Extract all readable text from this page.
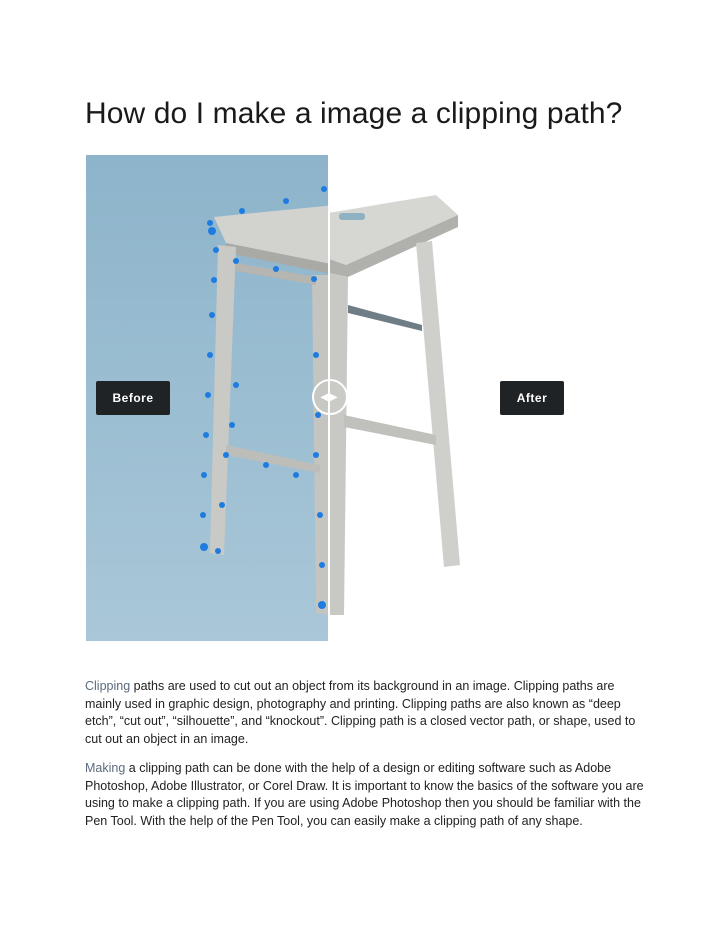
How do I make a image a clipping path?
Before	After
◀▶

Clipping paths are used to cut out an object from its background in an image. Clipping paths are mainly used in graphic design, photography and printing. Clipping paths are also known as “deep etch”, “cut out”, “silhouette”, and “knockout”. Clipping path is a closed vector path, or shape, used to cut out an object in an image.

Making a clipping path can be done with the help of a design or editing software such as Adobe Photoshop, Adobe Illustrator, or Corel Draw. It is important to know the basics of the software you are using to make a clipping path. If you are using Adobe Photoshop then you should be familiar with the Pen Tool. With the help of the Pen Tool, you can easily make a clipping path of any shape.
